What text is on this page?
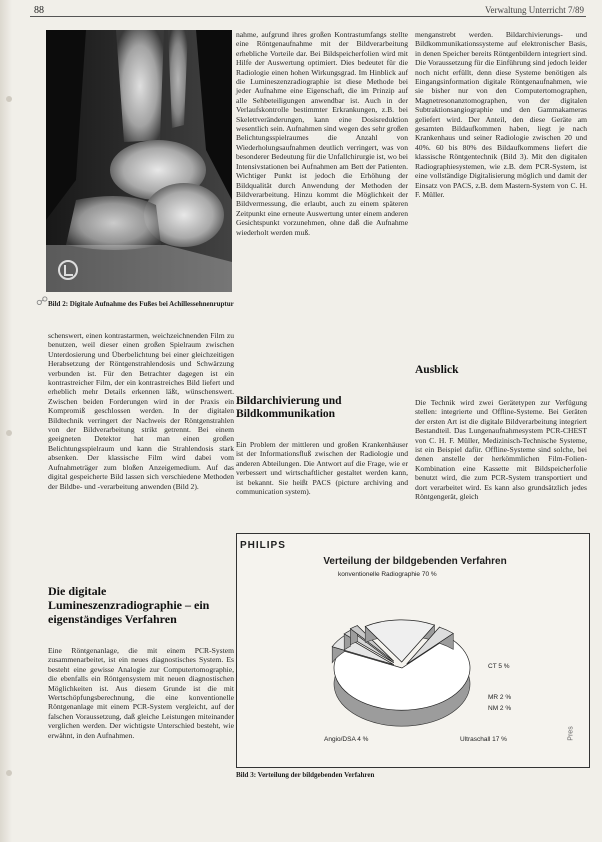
88	Verwaltung Unterricht 7/89
☍ Bild 2: Digitale Aufnahme des Fußes bei Achillessehnenruptur

schenswert, einen kontrastarmen, weichzeichnenden Film zu benutzen, weil dieser einen großen Spielraum zwischen Unterdosierung und Überbelichtung bei einer gleichzeitigen Herabsetzung der Röntgenstrahlendosis und Schwärzung verbunden ist. Für den Betrachter dagegen ist ein kontrastreicher Film, der ein kontrastreiches Bild liefert und erheblich mehr Details erkennen läßt, wünschenswert. Zwischen beiden Forderungen wird in der Praxis ein Kompromiß geschlossen werden. In der digitalen Bildtechnik verringert der Nachweis der Röntgenstrahlen von der Bildverarbeitung strikt getrennt. Bei einem geeigneten Detektor hat man einen großen Belichtungsspielraum und kann die Strahlendosis stark absenken. Der klassische Film wird dabei vom Aufnahmeträger zum bloßen Anzeigemedium. Auf das digital gespeicherte Bild lassen sich verschiedene Methoden der Bildbe- und -verarbeitung anwenden (Bild 2).

Die digitale Lumineszenzradiographie – ein eigenständiges Verfahren

Eine Röntgenanlage, die mit einem PCR-System zusammenarbeitet, ist ein neues diagnostisches System. Es besteht eine gewisse Analogie zur Computertomographie, die ebenfalls ein Röntgensystem mit neuen diagnostischen Möglichkeiten ist. Aus diesem Grunde ist die mit Wertschöpfungsberechnung, die eine konventionelle Röntgenanlage mit einem PCR-System vergleicht, auf der falschen Voraussetzung, daß gleiche Leistungen miteinander verglichen werden. Der wichtigste Unterschied besteht, wie erwähnt, in den Aufnahmen.

nahme, aufgrund ihres großen Kontrastumfangs stellte eine Röntgenaufnahme mit der Bildverarbeitung erhebliche Vorteile dar. Bei Bildspeicherfolien wird mit Hilfe der Auswertung optimiert. Dies bedeutet für die Radiologie einen hohen Wirkungsgrad. Im Hinblick auf die Lumineszenzradiographie ist diese Methode bei jeder Aufnahme eine Eigenschaft, die im Prinzip auf alle Sehbeteiligungen anwendbar ist. Auch in der Verlaufskontrolle bestimmter Erkrankungen, z.B. bei Skelettveränderungen, kann eine Dosisreduktion wesentlich sein. Aufnahmen sind wegen des sehr großen Belichtungsspielraumes die Anzahl von Wiederholungsaufnahmen deutlich verringert, was von besonderer Bedeutung für die Unfallchirurgie ist, wo bei Intensivstationen bei Aufnahmen am Bett der Patienten. Wichtiger Punkt ist jedoch die Erhöhung der Bildqualität durch Anwendung der Methoden der Bildverarbeitung. Hinzu kommt die Möglichkeit der Bildvermessung, die erlaubt, auch zu einem späteren Zeitpunkt eine erneute Auswertung unter einem anderen Gesichtspunkt vorzunehmen, ohne daß die Aufnahme wiederholt werden muß.

Bildarchivierung und Bildkommunikation

Ein Problem der mittleren und großen Krankenhäuser ist der Informationsfluß zwischen der Radiologie und anderen Abteilungen. Die Antwort auf die Frage, wie er verbessert und wirtschaftlicher gestaltet werden kann, ist bekannt. Sie heißt PACS (picture archiving and communication system).

menganstrebt werden. Bildarchivierungs- und Bildkommunikationssysteme auf elektronischer Basis, in denen Speicher bereits Röntgenbildern integriert sind. Die Voraussetzung für die Einführung sind jedoch leider noch nicht erfüllt, denn diese Systeme benötigen als Eingangsinformation digitale Röntgenaufnahmen, wie sie bisher nur von den Computertomographen, Magnetresonanztomographen, von der digitalen Subtraktionsangiographie und den Gammakameras geliefert wird. Der Anteil, den diese Geräte am gesamten Bildaufkommen haben, liegt je nach Krankenhaus und seiner Radiologie zwischen 20 und 40%. 60 bis 80% des Bildaufkommens liefert die klassische Röntgentechnik (Bild 3). Mit den digitalen Radiographiesystemen, wie z.B. dem PCR-System, ist eine vollständige Digitalisierung möglich und damit der Einsatz von PACS, z.B. dem Mastern-System von C. H. F. Müller.

Ausblick

Die Technik wird zwei Gerätetypen zur Verfügung stellen: integrierte und Offline-Systeme. Bei Geräten der ersten Art ist die digitale Bildverarbeitung integriert Bestandteil. Das Lungenaufnahmesystem PCR-CHEST von C. H. F. Müller, Medizinisch-Technische Systeme, ist ein Beispiel dafür. Offline-Systeme sind solche, bei denen anstelle der herkömmlichen Film-Folien-Kombination eine Kassette mit Bildspeicherfolie benutzt wird, die zum PCR-System transportiert und dort verarbeitet wird. Es kann also grundsätzlich jedes Röntgengerät, gleich

PHILIPS
Verteilung der bildgebenden Verfahren
konventionelle Radiographie 70 %
CT 5 %
MR 2 %
NM 2 %
Ultraschall 17 %
Angio/DSA 4 %	Pres
Bild 3: Verteilung der bildgebenden Verfahren
